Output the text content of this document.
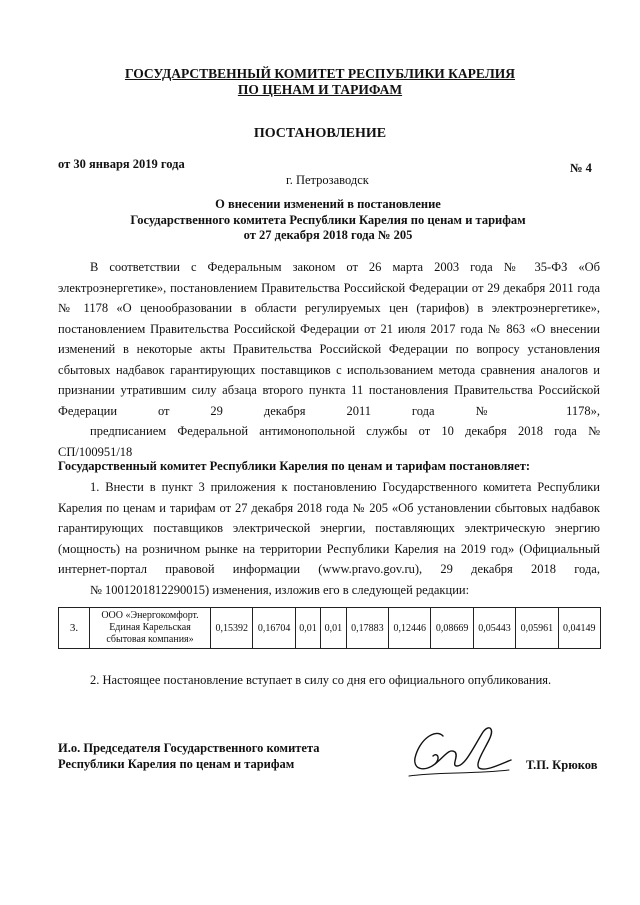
ГОСУДАРСТВЕННЫЙ КОМИТЕТ РЕСПУБЛИКИ КАРЕЛИЯ
ПО ЦЕНАМ И ТАРИФАМ
ПОСТАНОВЛЕНИЕ
от 30 января 2019 года	№ 4
г. Петрозаводск
О внесении изменений в постановление
Государственного комитета Республики Карелия по ценам и тарифам
от 27 декабря 2018 года № 205
В соответствии с Федеральным законом от 26 марта 2003 года № 35-ФЗ «Об электроэнергетике», постановлением Правительства Российской Федерации от 29 декабря 2011 года № 1178 «О ценообразовании в области регулируемых цен (тарифов) в электроэнергетике», постановлением Правительства Российской Федерации от 21 июля 2017 года № 863 «О внесении изменений в некоторые акты Правительства Российской Федерации по вопросу установления сбытовых надбавок гарантирующих поставщиков с использованием метода сравнения аналогов и признании утратившим силу абзаца второго пункта 11 постановления Правительства Российской Федерации от 29 декабря 2011 года № 1178»,
предписанием Федеральной антимонопольной службы от 10 декабря 2018 года № СП/100951/18
Государственный комитет Республики Карелия по ценам и тарифам постановляет:
1. Внести в пункт 3 приложения к постановлению Государственного комитета Республики Карелия по ценам и тарифам от 27 декабря 2018 года № 205 «Об установлении сбытовых надбавок гарантирующих поставщиков электрической энергии, поставляющих электрическую энергию (мощность) на розничном рынке на территории Республики Карелия на 2019 год» (Официальный интернет-портал правовой информации (www.pravo.gov.ru), 29 декабря 2018 года,
№ 1001201812290015) изменения, изложив его в следующей редакции:
3.	ООО «Энергокомфорт. Единая Карельская сбытовая компания»	0,15392	0,16704	0,01	0,01	0,17883	0,12446	0,08669	0,05443	0,05961	0,04149
2. Настоящее постановление вступает в силу со дня его официального опубликования.
И.о. Председателя Государственного комитета
Республики Карелия по ценам и тарифам	Т.П. Крюков
